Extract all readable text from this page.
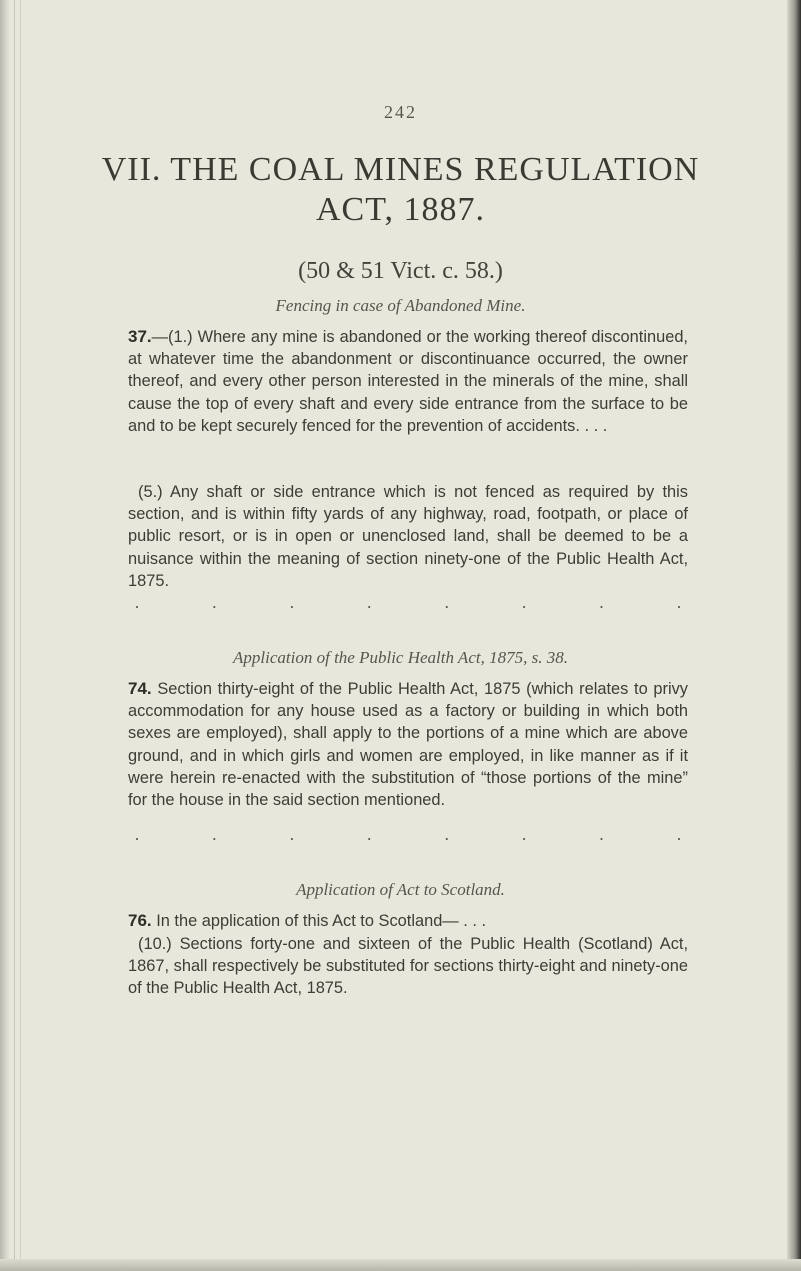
242
VII. THE COAL MINES REGULATION
ACT, 1887.
(50 & 51 Vict. c. 58.)
Fencing in case of Abandoned Mine.
37.—(1.) Where any mine is abandoned or the working thereof discontinued, at whatever time the abandonment or discontinuance occurred, the owner thereof, and every other person interested in the minerals of the mine, shall cause the top of every shaft and every side entrance from the surface to be and to be kept securely fenced for the prevention of accidents. . . .
(5.) Any shaft or side entrance which is not fenced as required by this section, and is within fifty yards of any highway, road, footpath, or place of public resort, or is in open or unenclosed land, shall be deemed to be a nuisance within the meaning of section ninety-one of the Public Health Act, 1875.
·	·	·	·	·	·	·	·
Application of the Public Health Act, 1875, s. 38.
74. Section thirty-eight of the Public Health Act, 1875 (which relates to privy accommodation for any house used as a factory or building in which both sexes are employed), shall apply to the portions of a mine which are above ground, and in which girls and women are employed, in like manner as if it were herein re-enacted with the substitution of “those portions of the mine” for the house in the said section mentioned.
·	·	·	·	·	·	·	·
Application of Act to Scotland.
76. In the application of this Act to Scotland— . . .
(10.) Sections forty-one and sixteen of the Public Health (Scotland) Act, 1867, shall respectively be substituted for sections thirty-eight and ninety-one of the Public Health Act, 1875.
